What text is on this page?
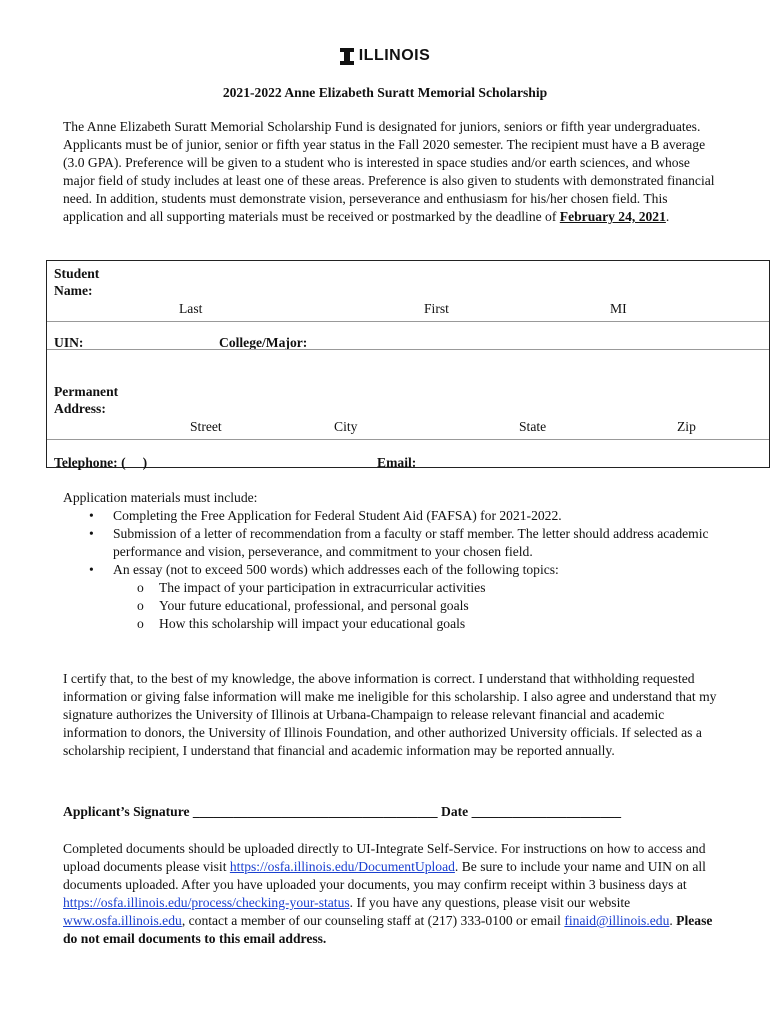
ILLINOIS
2021-2022 Anne Elizabeth Suratt Memorial Scholarship
The Anne Elizabeth Suratt Memorial Scholarship Fund is designated for juniors, seniors or fifth year undergraduates. Applicants must be of junior, senior or fifth year status in the Fall 2020 semester. The recipient must have a B average (3.0 GPA). Preference will be given to a student who is interested in space studies and/or earth sciences, and whose major field of study includes at least one of these areas. Preference is also given to students with demonstrated financial need. In addition, students must demonstrate vision, perseverance and enthusiasm for his/her chosen field. This application and all supporting materials must be received or postmarked by the deadline of February 24, 2021.
Student
Name:
Last	First	MI
UIN:	College/Major:
Permanent
Address:
Street	City	State	Zip
Telephone: (     )	Email:
Application materials must include:
• Completing the Free Application for Federal Student Aid (FAFSA) for 2021-2022.
• Submission of a letter of recommendation from a faculty or staff member. The letter should address academic performance and vision, perseverance, and commitment to your chosen field.
• An essay (not to exceed 500 words) which addresses each of the following topics:
o The impact of your participation in extracurricular activities
o Your future educational, professional, and personal goals
o How this scholarship will impact your educational goals
I certify that, to the best of my knowledge, the above information is correct. I understand that withholding requested information or giving false information will make me ineligible for this scholarship. I also agree and understand that my signature authorizes the University of Illinois at Urbana-Champaign to release relevant financial and academic information to donors, the University of Illinois Foundation, and other authorized University officials. If selected as a scholarship recipient, I understand that financial and academic information may be reported annually.
Applicant’s Signature ____________________________________ Date ______________________
Completed documents should be uploaded directly to UI-Integrate Self-Service. For instructions on how to access and upload documents please visit https://osfa.illinois.edu/DocumentUpload. Be sure to include your name and UIN on all documents uploaded. After you have uploaded your documents, you may confirm receipt within 3 business days at https://osfa.illinois.edu/process/checking-your-status. If you have any questions, please visit our website www.osfa.illinois.edu, contact a member of our counseling staff at (217) 333-0100 or email finaid@illinois.edu. Please do not email documents to this email address.
